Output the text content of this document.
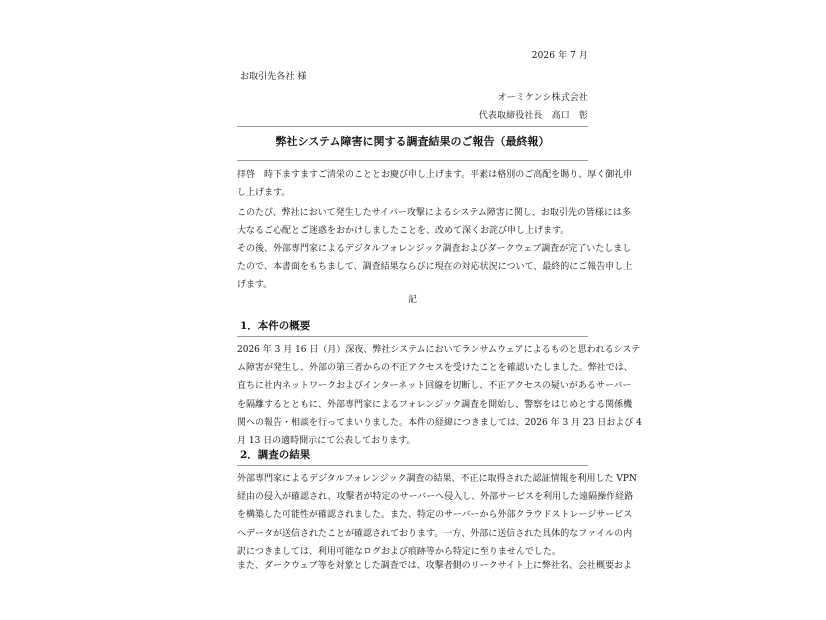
2026 年 7 月
お取引先各社 様
オーミケンシ株式会社
代表取締役社長　高口　彰
弊社システム障害に関する調査結果のご報告（最終報）
拝啓　時下ますますご清栄のこととお慶び申し上げます。平素は格別のご高配を賜り、厚く御礼申
し上げます。
このたび、弊社において発生したサイバー攻撃によるシステム障害に関し、お取引先の皆様には多
大なるご心配とご迷惑をおかけしましたことを、改めて深くお詫び申し上げます。
その後、外部専門家によるデジタルフォレンジック調査およびダークウェブ調査が完了いたしまし
たので、本書面をもちまして、調査結果ならびに現在の対応状況について、最終的にご報告申し上
げます。
記
1．本件の概要
2026 年 3 月 16 日（月）深夜、弊社システムにおいてランサムウェアによるものと思われるシステ
ム障害が発生し、外部の第三者からの不正アクセスを受けたことを確認いたしました。弊社では、
直ちに社内ネットワークおよびインターネット回線を切断し、不正アクセスの疑いがあるサーバー
を隔離するとともに、外部専門家によるフォレンジック調査を開始し、警察をはじめとする関係機
関への報告・相談を行ってまいりました。本件の経緯につきましては、2026 年 3 月 23 日および 4
月 13 日の適時開示にて公表しております。
2．調査の結果
外部専門家によるデジタルフォレンジック調査の結果、不正に取得された認証情報を利用した VPN
経由の侵入が確認され、攻撃者が特定のサーバーへ侵入し、外部サービスを利用した遠隔操作経路
を構築した可能性が確認されました。また、特定のサーバーから外部クラウドストレージサービス
へデータが送信されたことが確認されております。一方、外部に送信された具体的なファイルの内
訳につきましては、利用可能なログおよび痕跡等から特定に至りませんでした。
また、ダークウェブ等を対象とした調査では、攻撃者側のリークサイト上に弊社名、会社概要およ
